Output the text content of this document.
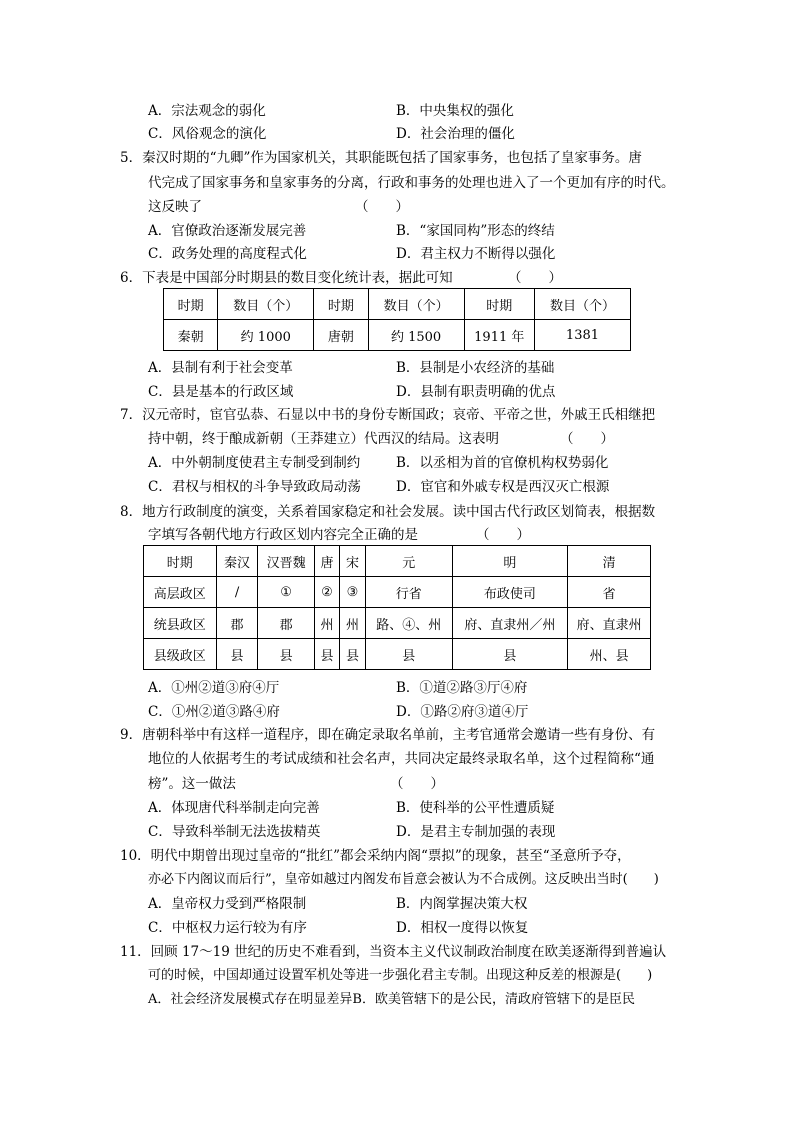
A．宗法观念的弱化	B．中央集权的强化
C．风俗观念的演化	D．社会治理的僵化
5．秦汉时期的“九卿”作为国家机关，其职能既包括了国家事务，也包括了皇家事务。唐
代完成了国家事务和皇家事务的分离，行政和事务的处理也进入了一个更加有序的时代。
这反映了	（　　）
A．官僚政治逐渐发展完善	B．“家国同构”形态的终结
C．政务处理的高度程式化	D．君主权力不断得以强化
6．下表是中国部分时期县的数目变化统计表，据此可知	（　　）
时期	数目（个）	时期	数目（个）	时期	数目（个）
秦朝	约 1000	唐朝	约 1500	1911 年	1381
A．县制有利于社会变革	B．县制是小农经济的基础
C．县是基本的行政区域	D．县制有职责明确的优点
7．汉元帝时，宦官弘恭、石显以中书的身份专断国政；哀帝、平帝之世，外戚王氏相继把
持中朝，终于酿成新朝（王莽建立）代西汉的结局。这表明	（　　）
A．中外朝制度使君主专制受到制约	B．以丞相为首的官僚机构权势弱化
C．君权与相权的斗争导致政局动荡	D．宦官和外戚专权是西汉灭亡根源
8．地方行政制度的演变，关系着国家稳定和社会发展。读中国古代行政区划简表，根据数
字填写各朝代地方行政区划内容完全正确的是	（　　）
时期	秦汉	汉晋魏	唐	宋	元	明	清
高层政区	/	①	②	③	行省	布政使司	省
统县政区	郡	郡	州	州	路、④、州	府、直隶州／州	府、直隶州
县级政区	县	县	县	县	县	县	州、县
A．①州②道③府④厅	B．①道②路③厅④府
C．①州②道③路④府	D．①路②府③道④厅
9．唐朝科举中有这样一道程序，即在确定录取名单前，主考官通常会邀请一些有身份、有
地位的人依据考生的考试成绩和社会名声，共同决定最终录取名单，这个过程简称“通
榜”。这一做法	（　　）
A．体现唐代科举制走向完善	B．使科举的公平性遭质疑
C．导致科举制无法选拔精英	D．是君主专制加强的表现
10．明代中期曾出现过皇帝的“批红”都会采纳内阁“票拟”的现象，甚至“圣意所予夺，
亦必下内阁议而后行”，皇帝如越过内阁发布旨意会被认为不合成例。这反映出当时(　　)
A．皇帝权力受到严格限制	B．内阁掌握决策大权
C．中枢权力运行较为有序	D．相权一度得以恢复
11．回顾 17～19 世纪的历史不难看到，当资本主义代议制政治制度在欧美逐渐得到普遍认
可的时候，中国却通过设置军机处等进一步强化君主专制。出现这种反差的根源是(　　)
A．社会经济发展模式存在明显差异B．欧美管辖下的是公民，清政府管辖下的是臣民
